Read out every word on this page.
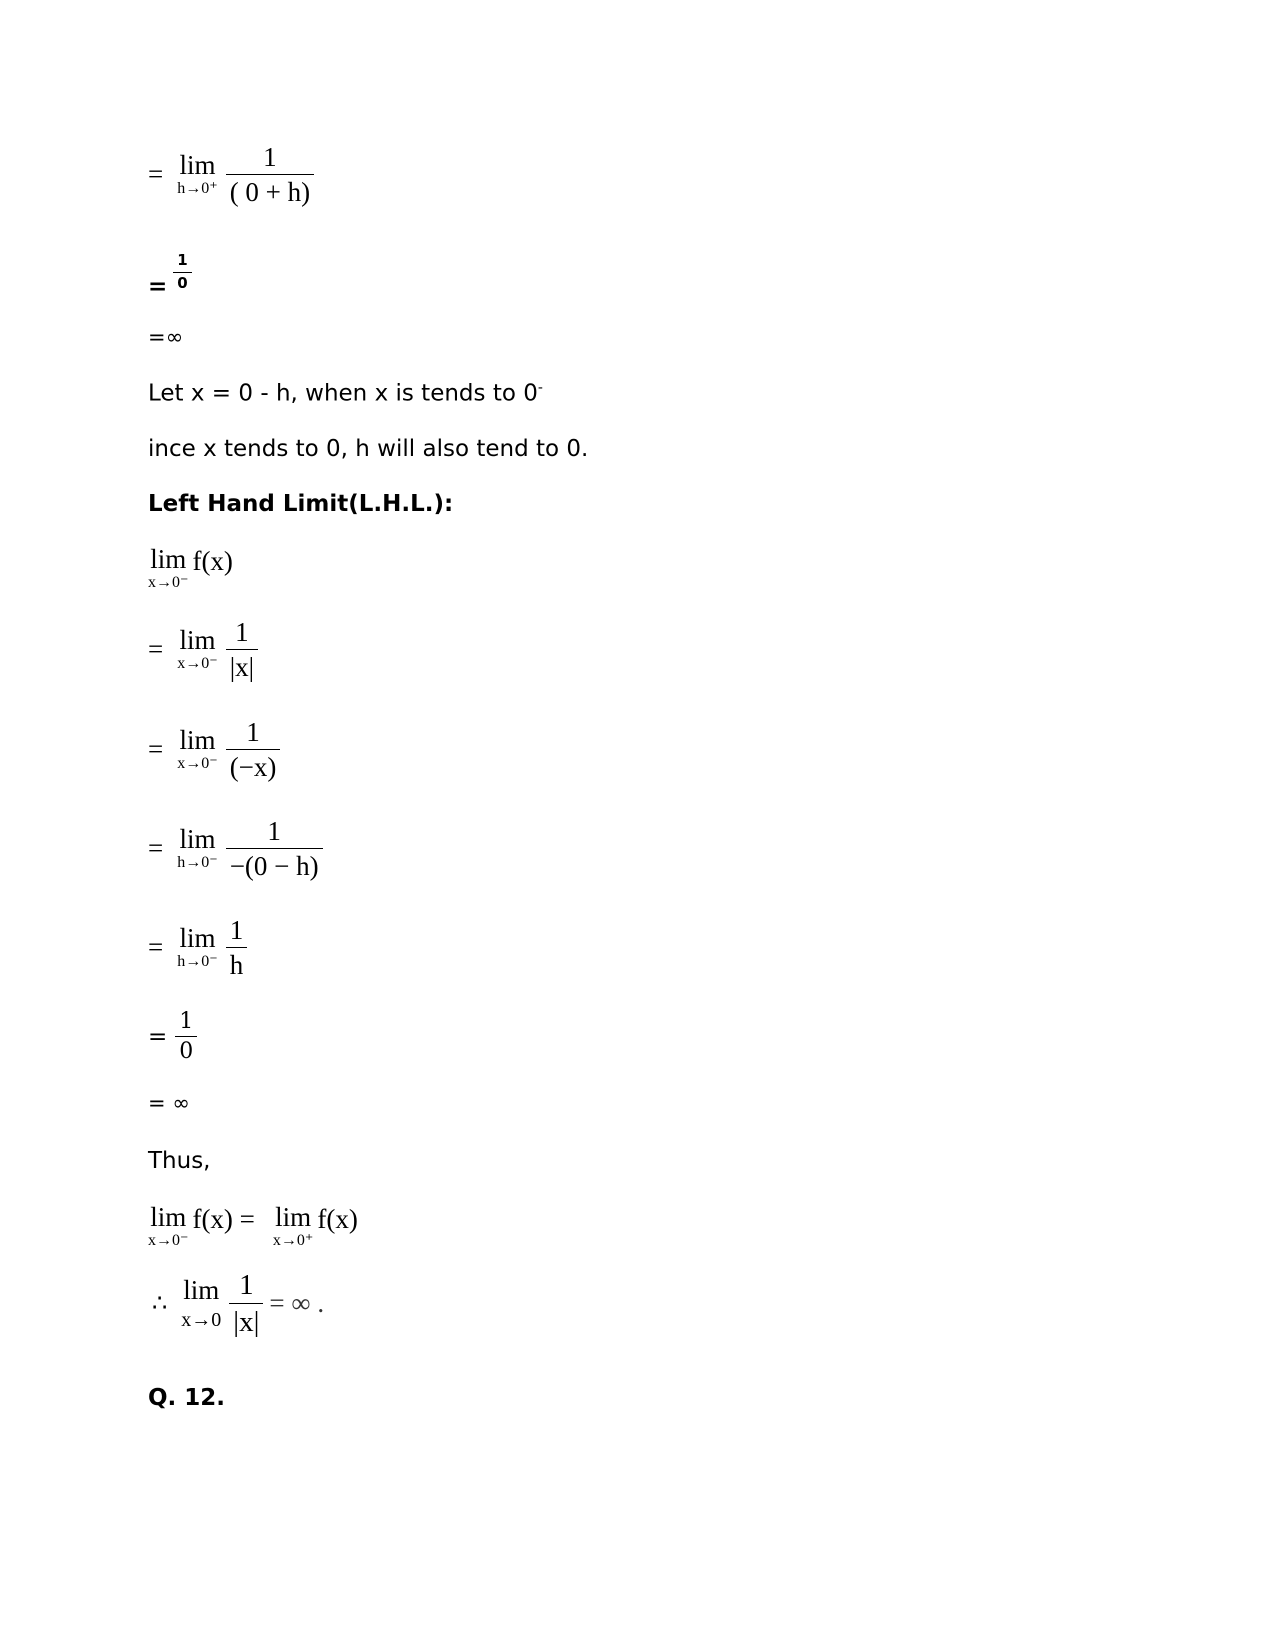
= lim
$h\to 0^+ \frac{1}{( 0 + h)}$
= $\frac{1}{0}$
=∞
Let x = 0 - h, when x is tends to 0-
ince x tends to 0, h will also tend to 0.
Left Hand Limit(L.H.L.):
lim
x→0⁻
f(x)
= lim
$x\to 0^- \frac{1}{|x|}$
= lim
$x\to 0^- \frac{1}{(-x)}$
= lim
$h\to 0^- \frac{1}{-(0 - h)}$
= lim
$h\to 0^- \frac{1}{h}$
= $\frac{1}{0}$
= ∞
Thus,
lim
x→0⁻
f(x) = lim
x→0⁺
f(x)
∴ lim
$x\to 0 \frac{1}{|x|}$ = ∞ .
Q. 12.
